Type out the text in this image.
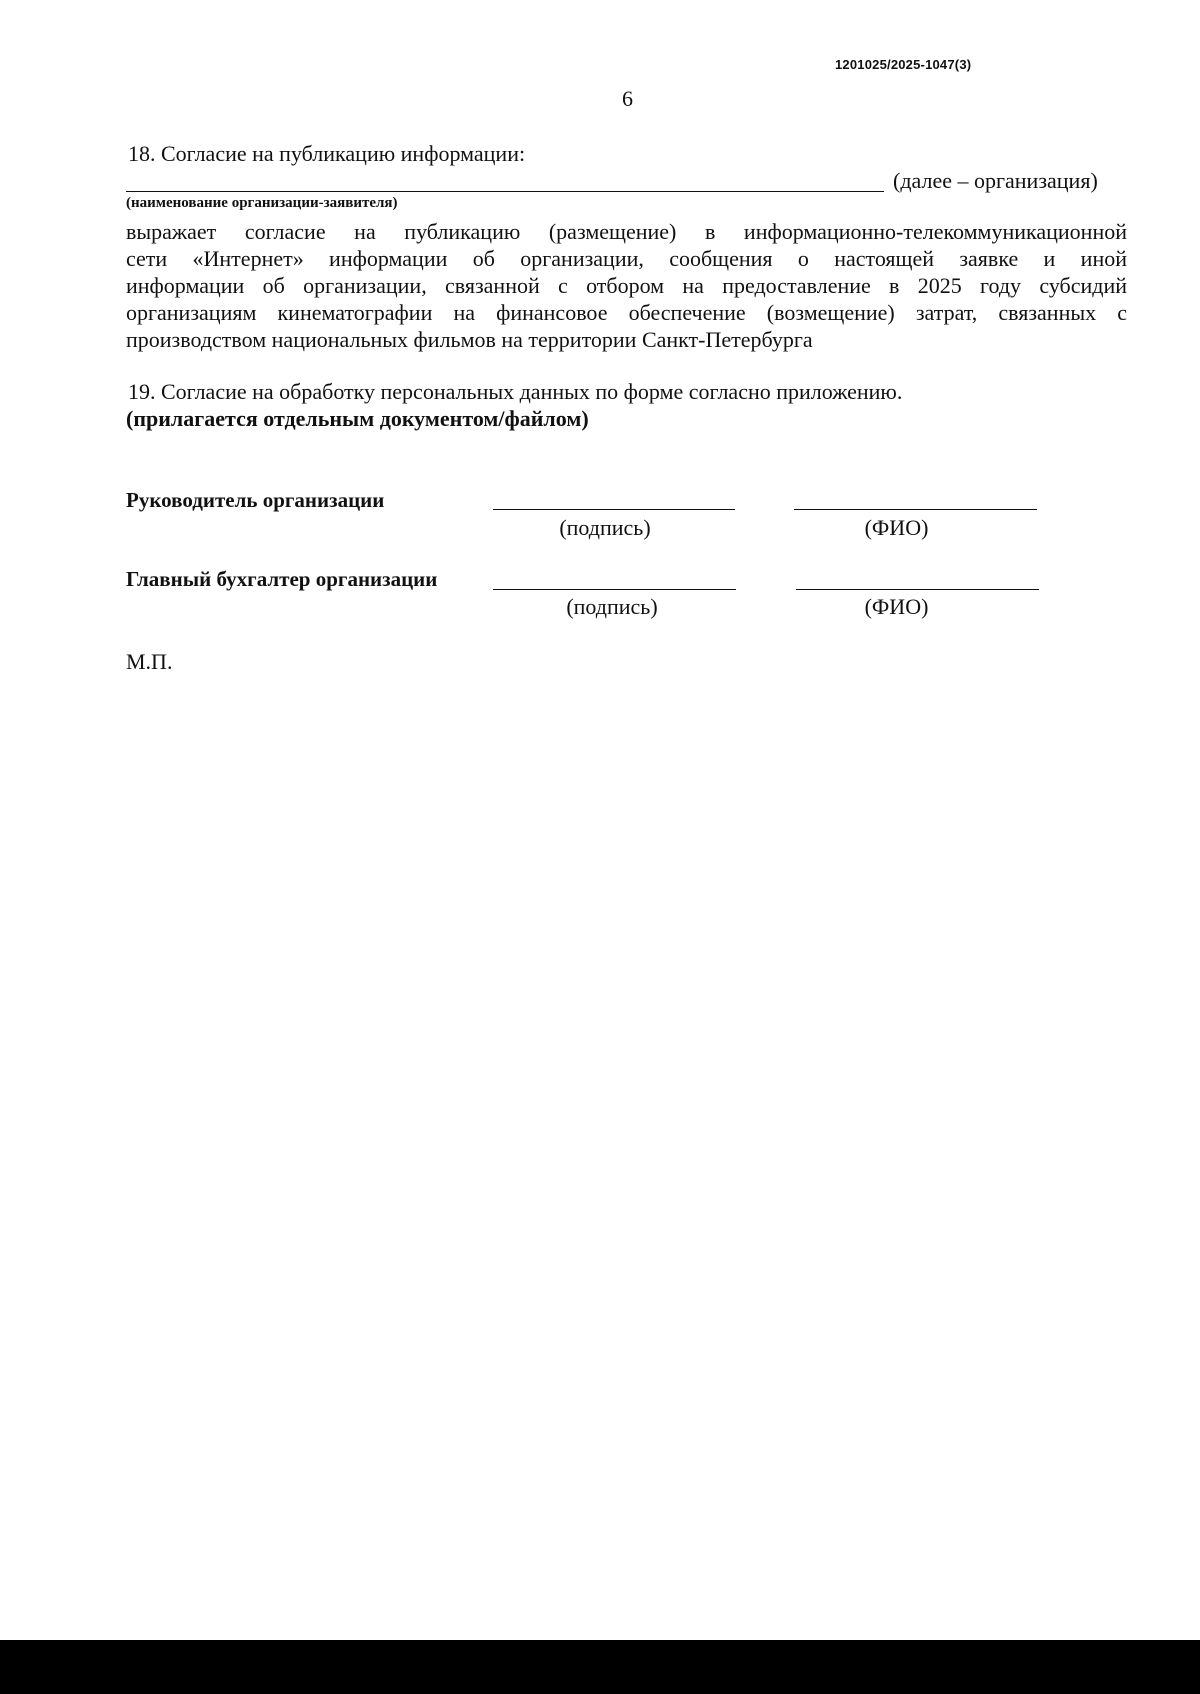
1201025/2025-1047(3)
6
18. Согласие на публикацию информации:
(далее – организация)
(наименование организации-заявителя)
выражает согласие на публикацию (размещение) в информационно-телекоммуникационной
сети «Интернет» информации об организации, сообщения о настоящей заявке и иной
информации об организации, связанной с отбором на предоставление в 2025 году субсидий
организациям кинематографии на финансовое обеспечение (возмещение) затрат, связанных с
производством национальных фильмов на территории Санкт-Петербурга
19. Согласие на обработку персональных данных по форме согласно приложению.
(прилагается отдельным документом/файлом)
Руководитель организации
(подпись)	(ФИО)
Главный бухгалтер организации
(подпись)	(ФИО)
М.П.
